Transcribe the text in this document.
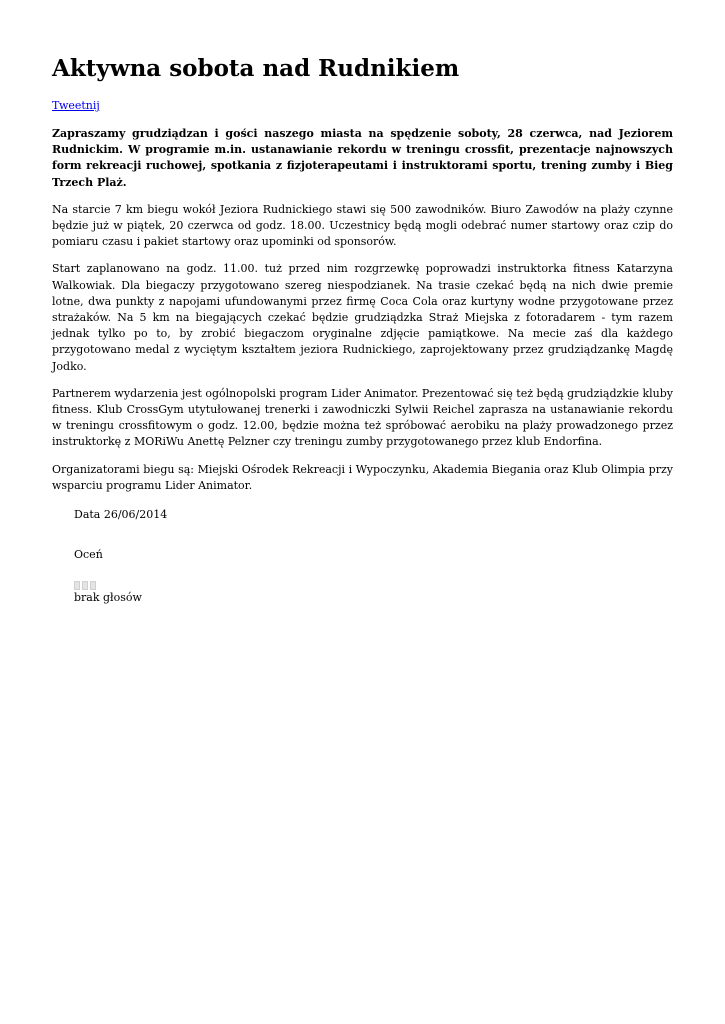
Aktywna sobota nad Rudnikiem
Tweetnij

Zapraszamy grudziądzan i gości naszego miasta na spędzenie soboty, 28 czerwca, nad Jeziorem Rudnickim. W programie m.in. ustanawianie rekordu w treningu crossfit, prezentacje najnowszych form rekreacji ruchowej, spotkania z fizjoterapeutami i instruktorami sportu, trening zumby i Bieg Trzech Plaż.

Na starcie 7 km biegu wokół Jeziora Rudnickiego stawi się 500 zawodników. Biuro Zawodów na plaży czynne będzie już w piątek, 20 czerwca od godz. 18.00. Uczestnicy będą mogli odebrać numer startowy oraz czip do pomiaru czasu i pakiet startowy oraz upominki od sponsorów.

Start zaplanowano na godz. 11.00. tuż przed nim rozgrzewkę poprowadzi instruktorka fitness Katarzyna Walkowiak. Dla biegaczy przygotowano szereg niespodzianek. Na trasie czekać będą na nich dwie premie lotne, dwa punkty z napojami ufundowanymi przez firmę Coca Cola oraz kurtyny wodne przygotowane przez strażaków. Na 5 km na biegających czekać będzie grudziądzka Straż Miejska z fotoradarem - tym razem jednak tylko po to, by zrobić biegaczom oryginalne zdjęcie pamiątkowe. Na mecie zaś dla każdego przygotowano medal z wyciętym kształtem jeziora Rudnickiego, zaprojektowany przez grudziądzankę Magdę Jodko.

Partnerem wydarzenia jest ogólnopolski program Lider Animator. Prezentować się też będą grudziądzkie kluby fitness. Klub CrossGym utytułowanej trenerki i zawodniczki Sylwii Reichel zaprasza na ustanawianie rekordu w treningu crossfitowym o godz. 12.00, będzie można też spróbować aerobiku na plaży prowadzonego przez instruktorkę z MORiWu Anettę Pelzner czy treningu zumby przygotowanego przez klub Endorfina.

Organizatorami biegu są: Miejski Ośrodek Rekreacji i Wypoczynku, Akademia Biegania oraz Klub Olimpia przy wsparciu programu Lider Animator.

Data 26/06/2014
Oceń
brak głosów
